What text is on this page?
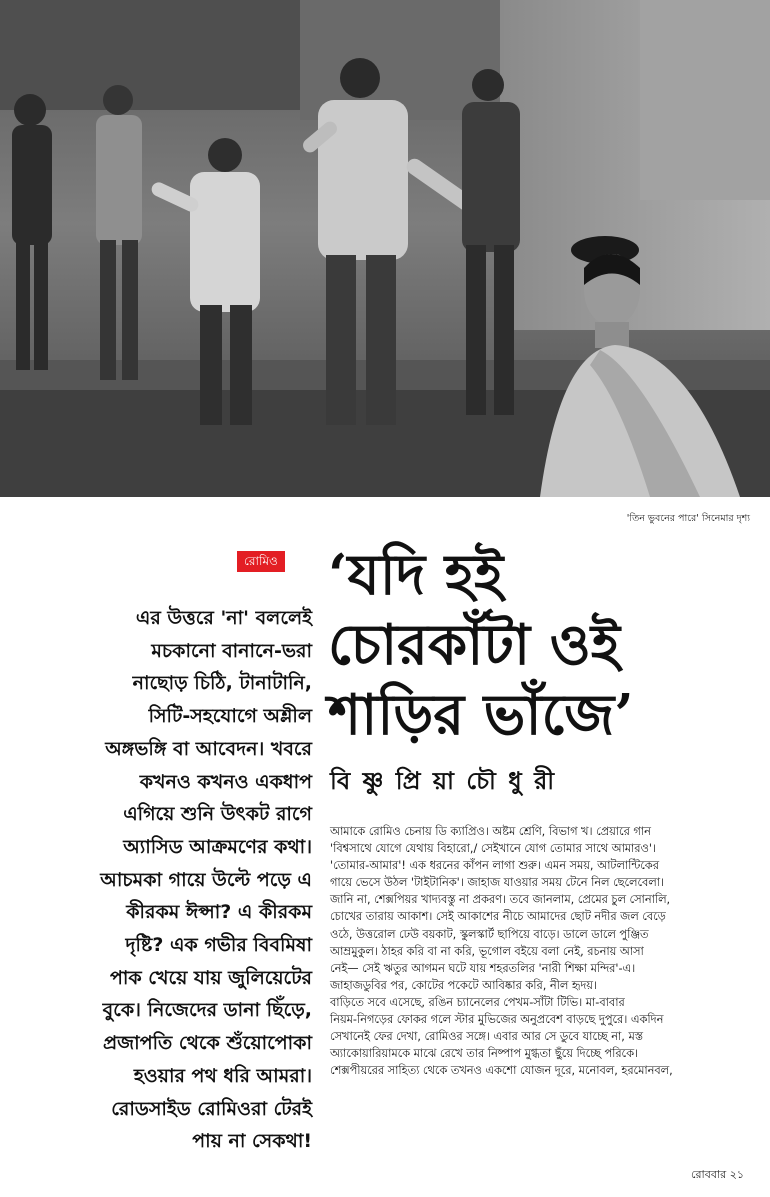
'তিন ভুবনের পারে' সিনেমার দৃশ্য
রোমিও ‘যদি হই
চোরকাঁটা ওই
শাড়ির ভাঁজে’
বি ষ্ণু প্রি য়া চৌ ধু রী
এর উত্তরে 'না' বললেই
মচকানো বানানে-ভরা
নাছোড় চিঠি, টানাটানি,
সিটি-সহযোগে অশ্লীল
অঙ্গভঙ্গি বা আবেদন। খবরে
কখনও কখনও একধাপ
এগিয়ে শুনি উৎকট রাগে
অ্যাসিড আক্রমণের কথা।
আচমকা গায়ে উল্টে পড়ে এ
কীরকম ঈপ্সা? এ কীরকম
দৃষ্টি? এক গভীর বিবমিষা
পাক খেয়ে যায় জুলিয়েটের
বুকে। নিজেদের ডানা ছিঁড়ে,
প্রজাপতি থেকে শুঁয়োপোকা
হওয়ার পথ ধরি আমরা।
রোডসাইড রোমিওরা টেরই
পায় না সেকথা!
আমাকে রোমিও চেনায় ডি ক্যাপ্রিও। অষ্টম শ্রেণি, বিভাগ খ। প্রেয়ারে গান
'বিশ্বসাথে যোগে যেথায় বিহারো,/ সেইখানে যোগ তোমার সাথে আমারও'।
'তোমার-আমার'! এক ধরনের কাঁপন লাগা শুরু। এমন সময়, আটলান্টিকের
গায়ে ভেসে উঠল 'টাইটানিক'। জাহাজ যাওয়ার সময় টেনে নিল ছেলেবেলা।
জানি না, শেক্সপিয়র খাদ্যবস্তু না প্রকরণ। তবে জানলাম, প্রেমের চুল সোনালি,
চোখের তারায় আকাশ। সেই আকাশের নীচে আমাদের ছোট নদীর জল বেড়ে
ওঠে, উত্তরোল ঢেউ বয়কাট, স্কুলস্কার্ট ছাপিয়ে বাড়ে। ডালে ডালে পুঞ্জিত
আম্রমুকুল। ঠাহর করি বা না করি, ভূগোল বইয়ে বলা নেই, রচনায় আসা
নেই— সেই ঋতুর আগমন ঘটে যায় শহরতলির 'নারী শিক্ষা মন্দির'-এ।
জাহাজডুবির পর, কোটের পকেটে আবিষ্কার করি, নীল হৃদয়।
বাড়িতে সবে এসেছে, রঙিন চ্যানেলের পেখম-সাঁটা টিভি। মা-বাবার
নিয়ম-নিগড়ের ফোকর গলে স্টার মুভিজের অনুপ্রবেশ বাড়ছে দুপুরে। একদিন
সেখানেই ফের দেখা, রোমিওর সঙ্গে। এবার আর সে ডুবে যাচ্ছে না, মস্ত
অ্যাকোয়ারিয়ামকে মাঝে রেখে তার নিষ্পাপ মুগ্ধতা ছুঁয়ে দিচ্ছে পরিকে।
শেক্সপীয়রের সাহিত্য থেকে তখনও একশো যোজন দূরে, মনোবল, হরমোনবল,
রোববার ২১
